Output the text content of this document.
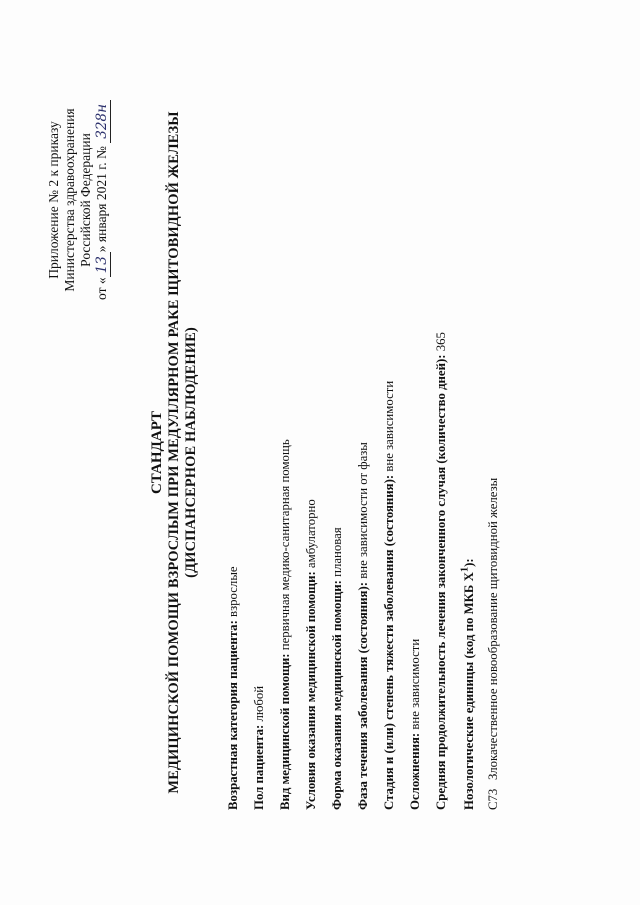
Приложение № 2 к приказу Министерства здравоохранения Российской Федерации
от «13» января 2021 г. № 328н
СТАНДАРТ МЕДИЦИНСКОЙ ПОМОЩИ ВЗРОСЛЫМ ПРИ МЕДУЛЛЯРНОМ РАКЕ ЩИТОВИДНОЙ ЖЕЛЕЗЫ (ДИСПАНСЕРНОЕ НАБЛЮДЕНИЕ)
Возрастная категория пациента: взрослые
Пол пациента: любой Вид медицинской помощи: первичная медико-санитарная помощь
Условия оказания медицинской помощи: амбулаторно
Форма оказания медицинской помощи: плановая
Фаза течения заболевания (состояния): вне зависимости от фазы Стадия и (или) степень тяжести заболевания (состояния): вне зависимости
Осложнения: вне зависимости Средняя продолжительность лечения законченного случая (количество дней): 365
Нозологические единицы (код по МКБ $X^1$):
C73Злокачественное новообразование щитовидной железы
